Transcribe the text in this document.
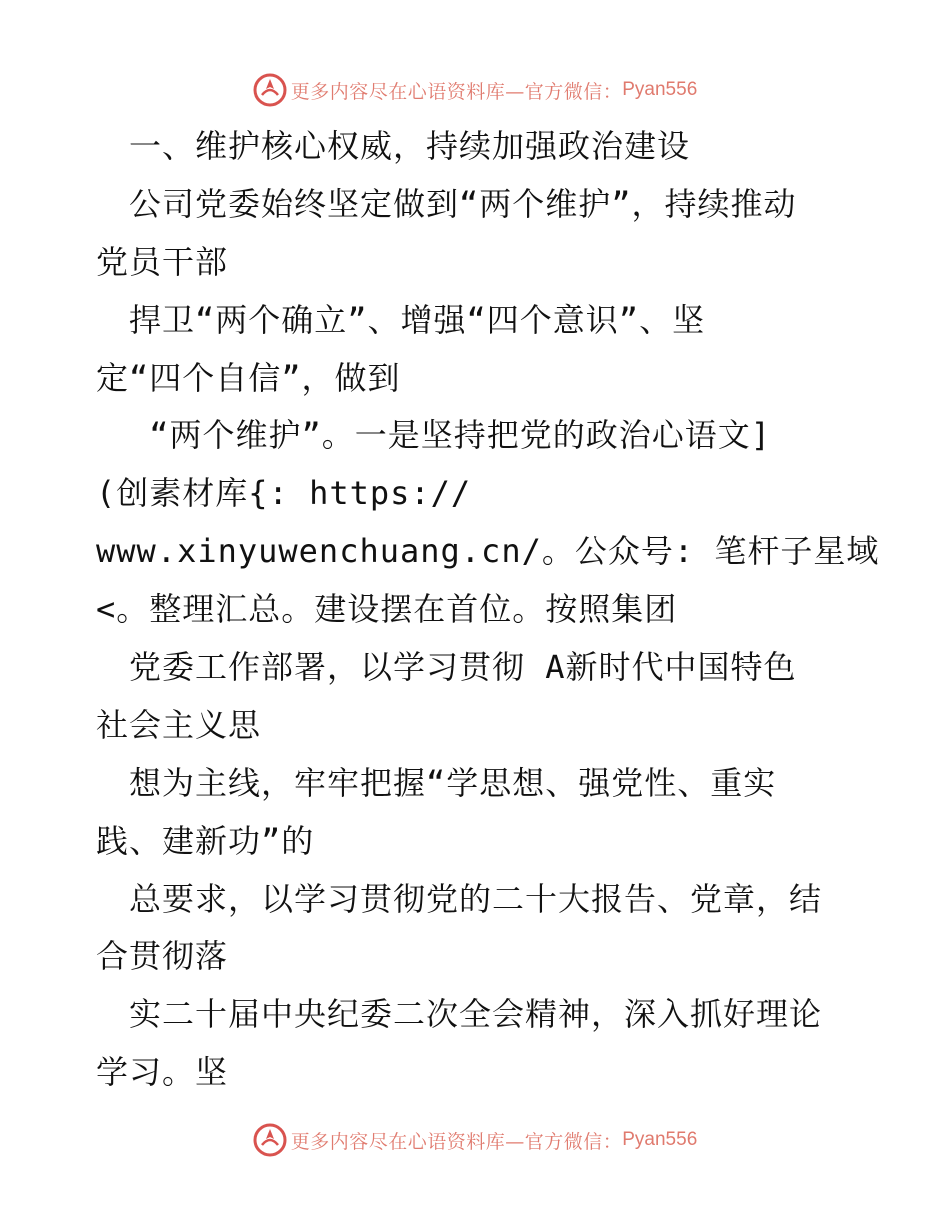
更多内容尽在心语资料库—官方微信： Pyan556
　一、维护核心权威，持续加强政治建设
　公司党委始终坚定做到“两个维护”，持续推动
党员干部
　捍卫“两个确立”、增强“四个意识”、坚
定“四个自信”，做到
　 “两个维护”。一是坚持把党的政治心语文]
(创素材库{: https://
www.xinyuwenchuang.cn/。公众号: 笔杆子星域
<。整理汇总。建设摆在首位。按照集团
　党委工作部署，以学习贯彻 A新时代中国特色
社会主义思
　想为主线，牢牢把握“学思想、强党性、重实
践、建新功”的
　总要求，以学习贯彻党的二十大报告、党章，结
合贯彻落
　实二十届中央纪委二次全会精神，深入抓好理论
学习。坚
更多内容尽在心语资料库—官方微信： Pyan556
